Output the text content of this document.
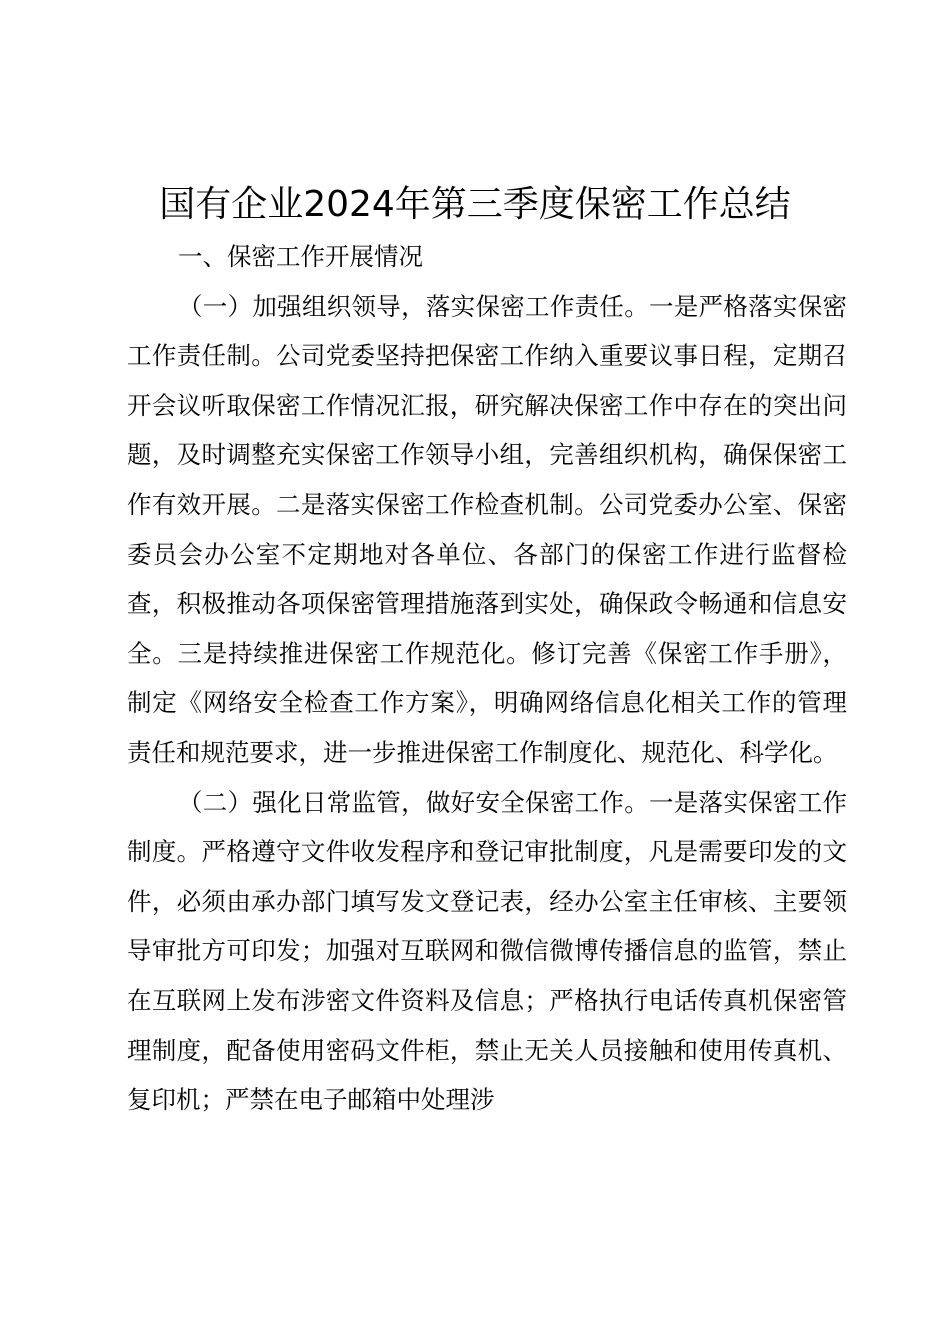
国有企业2024年第三季度保密工作总结

一、保密工作开展情况

（一）加强组织领导，落实保密工作责任。一是严格落实保密工作责任制。公司党委坚持把保密工作纳入重要议事日程，定期召开会议听取保密工作情况汇报，研究解决保密工作中存在的突出问题，及时调整充实保密工作领导小组，完善组织机构，确保保密工作有效开展。二是落实保密工作检查机制。公司党委办公室、保密委员会办公室不定期地对各单位、各部门的保密工作进行监督检查，积极推动各项保密管理措施落到实处，确保政令畅通和信息安全。三是持续推进保密工作规范化。修订完善《保密工作手册》，制定《网络安全检查工作方案》，明确网络信息化相关工作的管理责任和规范要求，进一步推进保密工作制度化、规范化、科学化。

（二）强化日常监管，做好安全保密工作。一是落实保密工作制度。严格遵守文件收发程序和登记审批制度，凡是需要印发的文件，必须由承办部门填写发文登记表，经办公室主任审核、主要领导审批方可印发；加强对互联网和微信微博传播信息的监管，禁止在互联网上发布涉密文件资料及信息；严格执行电话传真机保密管理制度，配备使用密码文件柜，禁止无关人员接触和使用传真机、复印机；严禁在电子邮箱中处理涉
